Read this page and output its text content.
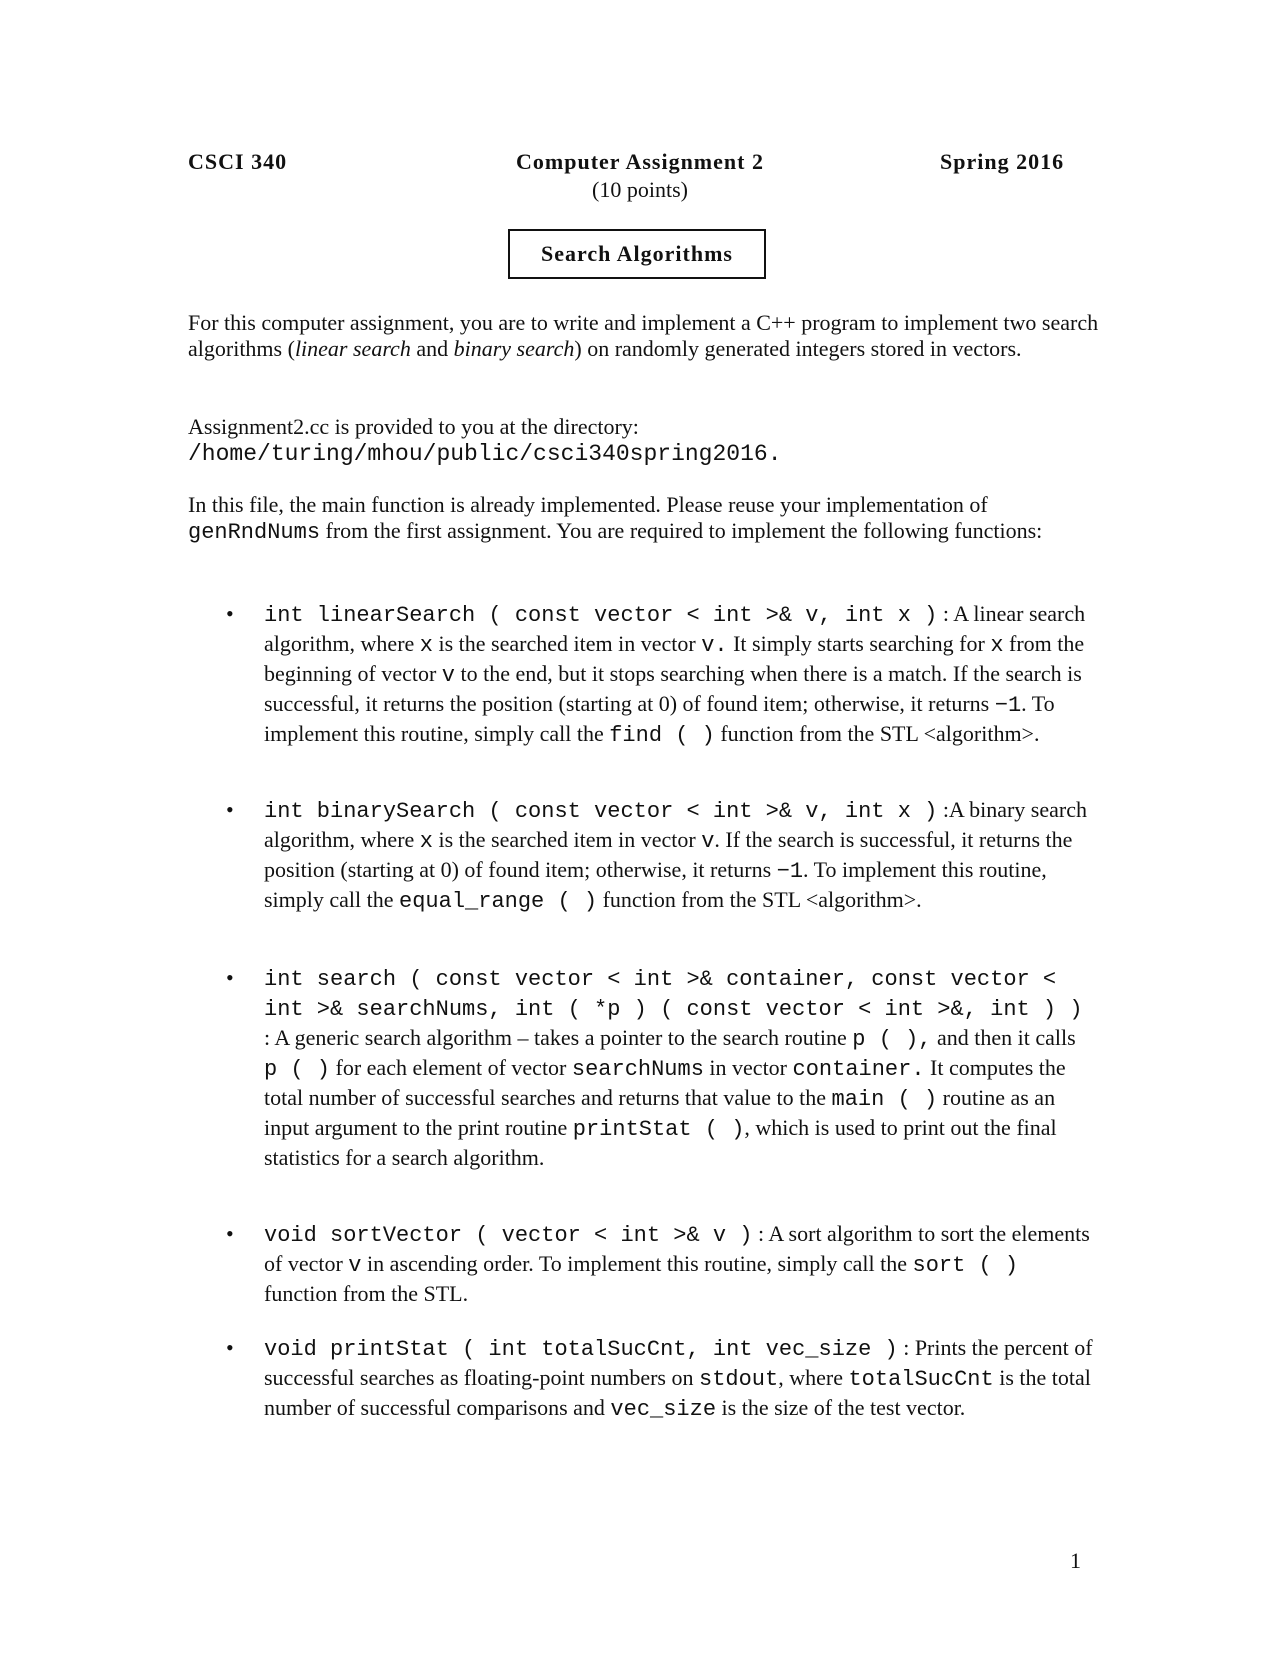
CSCI 340	Computer Assignment 2	Spring 2016
(10 points)
Search Algorithms

For this computer assignment, you are to write and implement a C++ program to implement two search algorithms (linear search and binary search) on randomly generated integers stored in vectors.

Assignment2.cc is provided to you at the directory:
/home/turing/mhou/public/csci340spring2016.

In this file, the main function is already implemented. Please reuse your implementation of genRndNums from the first assignment. You are required to implement the following functions:

• int linearSearch ( const vector < int >& v, int x ) : A linear search algorithm, where x is the searched item in vector v. It simply starts searching for x from the beginning of vector v to the end, but it stops searching when there is a match. If the search is successful, it returns the position (starting at 0) of found item; otherwise, it returns −1. To implement this routine, simply call the find ( ) function from the STL <algorithm>.
• int binarySearch ( const vector < int >& v, int x ) :A binary search algorithm, where x is the searched item in vector v. If the search is successful, it returns the position (starting at 0) of found item; otherwise, it returns −1. To implement this routine, simply call the equal_range ( ) function from the STL <algorithm>.
• int search ( const vector < int >& container, const vector < int >& searchNums, int ( *p ) ( const vector < int >&, int ) ) : A generic search algorithm – takes a pointer to the search routine p ( ), and then it calls p ( ) for each element of vector searchNums in vector container. It computes the total number of successful searches and returns that value to the main ( ) routine as an input argument to the print routine printStat ( ), which is used to print out the final statistics for a search algorithm.
• void sortVector ( vector < int >& v ) : A sort algorithm to sort the elements of vector v in ascending order. To implement this routine, simply call the sort ( ) function from the STL.
• void printStat ( int totalSucCnt, int vec_size ) : Prints the percent of successful searches as floating-point numbers on stdout, where totalSucCnt is the total number of successful comparisons and vec_size is the size of the test vector.
1
